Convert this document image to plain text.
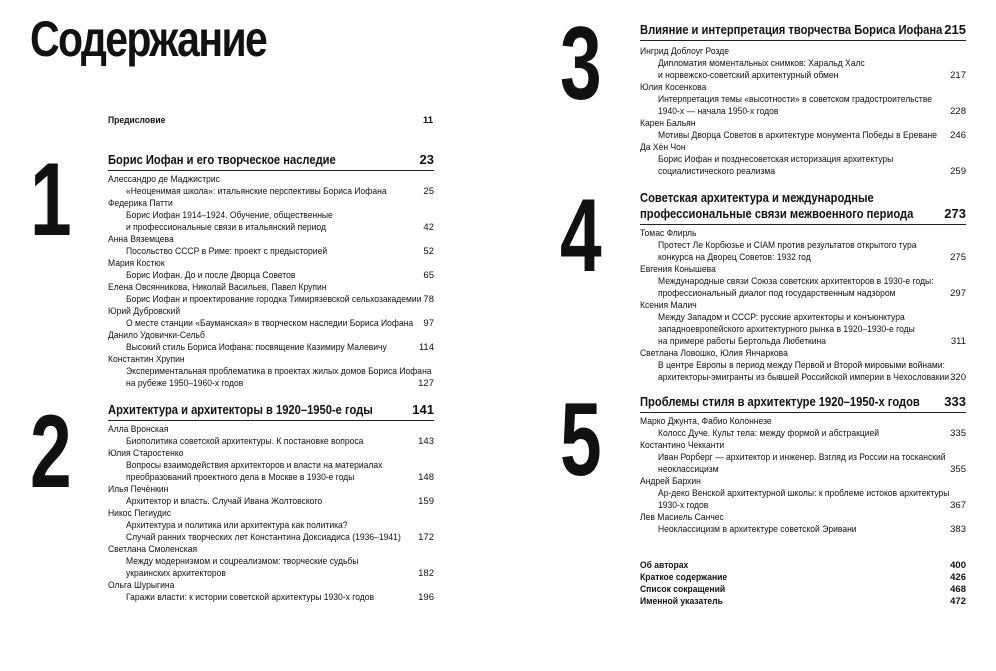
Содержание
Предисловие	11
1	Борис Иофан и его творческое наследие	23
Алессандро де Маджистрис
«Неоценимая школа»: итальянские перспективы Бориса Иофана	25
Федерика Патти
Борис Иофан 1914–1924. Обучение, общественные
и профессиональные связи в итальянский период	42
Анна Вяземцева
Посольство СССР в Риме: проект с предысторией	52
Мария Костюк
Борис Иофан. До и после Дворца Советов	65
Елена Овсянникова, Николай Васильев, Павел Крупин
Борис Иофан и проектирование городка Тимирязевской сельхозакадемии 78
Юрий Дубровский
О месте станции «Бауманская» в творческом наследии Бориса Иофана	97
Данило Удовички-Сельб
Высокий стиль Бориса Иофана: посвящение Казимиру Малевичу	114
Константин Хрупин
Экспериментальная проблематика в проектах жилых домов Бориса Иофана
на рубеже 1950–1960-х годов	127
2	Архитектура и архитекторы в 1920–1950-е годы	141
Алла Вронская
Биополитика советской архитектуры. К постановке вопроса	143
Юлия Старостенко
Вопросы взаимодействия архитекторов и власти на материалах
преобразований проектного дела в Москве в 1930-е годы	148
Илья Печёнкин
Архитектор и власть. Случай Ивана Жолтовского	159
Никос Пегиудис
Архитектура и политика или архитектура как политика?
Случай ранних творческих лет Константина Доксиадиса (1936–1941)	172
Светлана Смоленская
Между модернизмом и соцреализмом: творческие судьбы
украинских архитекторов	182
Ольга Шурыгина
Гаражи власти: к истории советской архитектуры 1930-х годов	196
3	Влияние и интерпретация творчества Бориса Иофана 215
Ингрид Доблоуг Розде
Дипломатия моментальных снимков: Харальд Халс
и норвежско-советский архитектурный обмен	217
Юлия Косенкова
Интерпретация темы «высотности» в советском градостроительстве
1940-х — начала 1950-х годов	228
Карен Бальян
Мотивы Дворца Советов в архитектуре монумента Победы в Ереване	246
Да Хён Чон
Борис Иофан и позднесоветская историзация архитектуры
социалистического реализма	259
4	Советская архитектура и международные
профессиональные связи межвоенного периода 273
Томас Флирль
Протест Ле Корбюзье и CIAM против результатов открытого тура
конкурса на Дворец Советов: 1932 год	275
Евгения Конышева
Международные связи Союза советских архитекторов в 1930-е годы:
профессиональный диалог под государственным надзором	297
Ксения Малич
Между Западом и СССР: русские архитекторы и конъюнктура
западноевропейского архитектурного рынка в 1920–1930-е годы
на примере работы Бертольда Любеткина	311
Светлана Ловошко, Юлия Янчаркова
В центре Европы в период между Первой и Второй мировыми войнами:
архитекторы-эмигранты из бывшей Российской империи в Чехословакии 320
5	Проблемы стиля в архитектуре 1920–1950-х годов 333
Марко Джунта, Фабио Колоннезе
Колосс Дуче. Культ тела: между формой и абстракцией	335
Костантино Чекканти
Иван Рорберг — архитектор и инженер. Взгляд из России на тосканский
неоклассицизм	355
Андрей Бархин
Ар-деко Венской архитектурной школы: к проблеме истоков архитектуры
1930-х годов	367
Лев Масиель Санчес
Неоклассицизм в архитектуре советской Эривани	383
Об авторах	400
Краткое содержание	426
Список сокращений	468
Именной указатель	472
